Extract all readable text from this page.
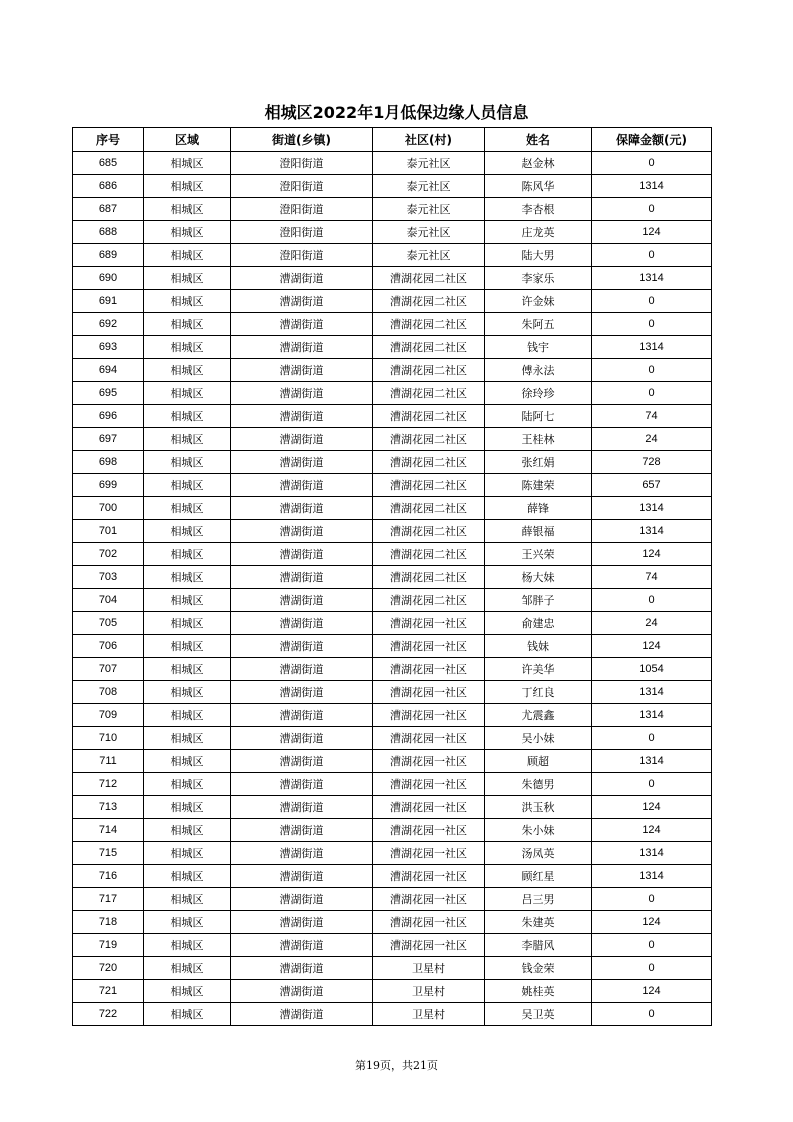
相城区2022年1月低保边缘人员信息
序号	区域	街道(乡镇)	社区(村)	姓名	保障金额(元)
685	相城区	澄阳街道	泰元社区	赵金林	0
686	相城区	澄阳街道	泰元社区	陈风华	1314
687	相城区	澄阳街道	泰元社区	李杏根	0
688	相城区	澄阳街道	泰元社区	庄龙英	124
689	相城区	澄阳街道	泰元社区	陆大男	0
690	相城区	漕湖街道	漕湖花园二社区	李家乐	1314
691	相城区	漕湖街道	漕湖花园二社区	许金妹	0
692	相城区	漕湖街道	漕湖花园二社区	朱阿五	0
693	相城区	漕湖街道	漕湖花园二社区	钱宇	1314
694	相城区	漕湖街道	漕湖花园二社区	傅永法	0
695	相城区	漕湖街道	漕湖花园二社区	徐玲珍	0
696	相城区	漕湖街道	漕湖花园二社区	陆阿七	74
697	相城区	漕湖街道	漕湖花园二社区	王桂林	24
698	相城区	漕湖街道	漕湖花园二社区	张红娟	728
699	相城区	漕湖街道	漕湖花园二社区	陈建荣	657
700	相城区	漕湖街道	漕湖花园二社区	薛锋	1314
701	相城区	漕湖街道	漕湖花园二社区	薛银福	1314
702	相城区	漕湖街道	漕湖花园二社区	王兴荣	124
703	相城区	漕湖街道	漕湖花园二社区	杨大妹	74
704	相城区	漕湖街道	漕湖花园二社区	邹胖子	0
705	相城区	漕湖街道	漕湖花园一社区	俞建忠	24
706	相城区	漕湖街道	漕湖花园一社区	钱妹	124
707	相城区	漕湖街道	漕湖花园一社区	许美华	1054
708	相城区	漕湖街道	漕湖花园一社区	丁红良	1314
709	相城区	漕湖街道	漕湖花园一社区	尤震鑫	1314
710	相城区	漕湖街道	漕湖花园一社区	吴小妹	0
711	相城区	漕湖街道	漕湖花园一社区	顾超	1314
712	相城区	漕湖街道	漕湖花园一社区	朱德男	0
713	相城区	漕湖街道	漕湖花园一社区	洪玉秋	124
714	相城区	漕湖街道	漕湖花园一社区	朱小妹	124
715	相城区	漕湖街道	漕湖花园一社区	汤凤英	1314
716	相城区	漕湖街道	漕湖花园一社区	顾红星	1314
717	相城区	漕湖街道	漕湖花园一社区	吕三男	0
718	相城区	漕湖街道	漕湖花园一社区	朱建英	124
719	相城区	漕湖街道	漕湖花园一社区	李腊风	0
720	相城区	漕湖街道	卫星村	钱金荣	0
721	相城区	漕湖街道	卫星村	姚桂英	124
722	相城区	漕湖街道	卫星村	吴卫英	0
第19页，共21页
